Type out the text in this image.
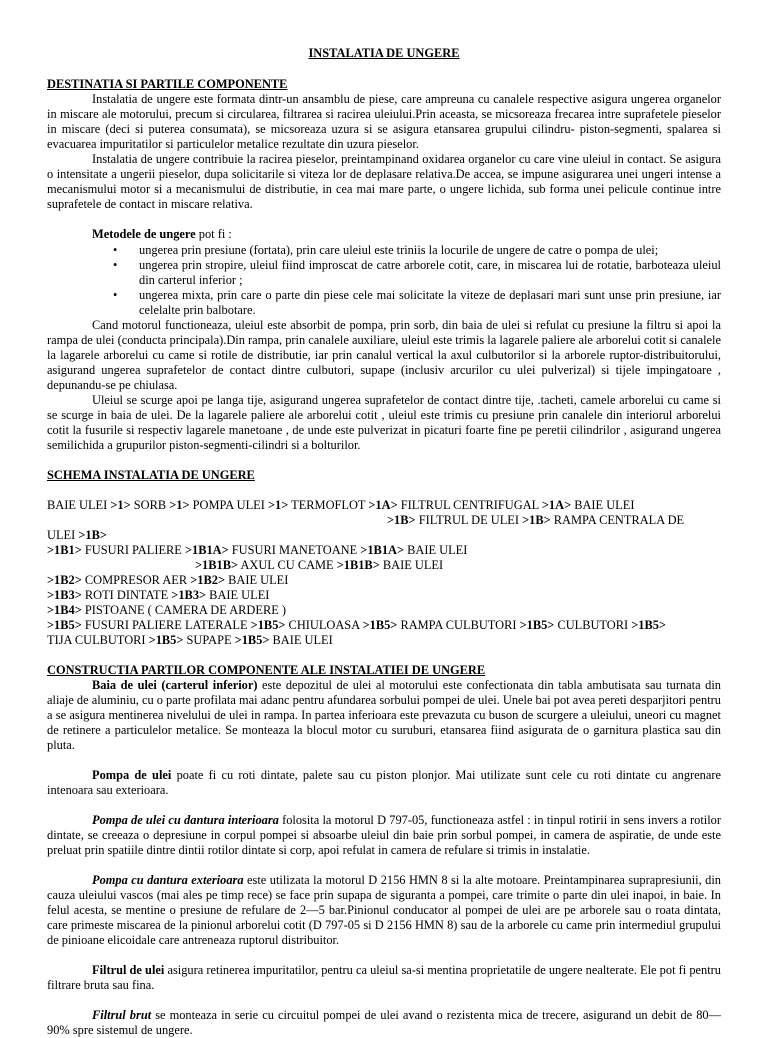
INSTALATIA DE UNGERE

DESTINATIA SI PARTILE COMPONENTE

Instalatia de ungere este formata dintr-un ansamblu de piese, care ampreuna cu canalele respective asigura ungerea organelor in miscare ale motorului, precum si circularea, filtrarea si racirea uleiului.Prin aceasta, se micsoreaza frecarea intre suprafetele pieselor in miscare (deci si puterea consumata), se micsoreaza uzura si se asigura etansarea grupului cilindru- piston-segmenti, spalarea si evacuarea impuritatilor si particulelor metalice rezultate din uzura pieselor.

Instalatia de ungere contribuie la racirea pieselor, preintampinand oxidarea organelor cu care vine uleiul in contact. Se asigura o intensitate a ungerii pieselor, dupa solicitarile si viteza lor de deplasare relativa.De accea, se impune asigurarea unei ungeri intense a mecanismului motor si a mecanismului de distributie, in cea mai mare parte, o ungere lichida, sub forma unei pelicule continue intre suprafetele de contact in miscare relativa.

Metodele de ungere pot fi :

• ungerea prin presiune (fortata), prin care uleiul este triniis la locurile de ungere de catre o pompa de ulei;
• ungerea prin stropire, uleiul fiind improscat de catre arborele cotit, care, in miscarea lui de rotatie, barboteaza uleiul din carterul inferior ;
• ungerea mixta, prin care o parte din piese cele mai solicitate la viteze de deplasari mari sunt unse prin presiune, iar celelalte prin balbotare.

Cand motorul functioneaza, uleiul este absorbit de pompa, prin sorb, din baia de ulei si refulat cu presiune la filtru si apoi la rampa de ulei (conducta principala).Din rampa, prin canalele auxiliare, uleiul este trimis la lagarele paliere ale arborelui cotit si canalele la lagarele arborelui cu came si rotile de distributie, iar prin canalul vertical la axul culbutorilor si la arborele ruptor-distribuitorului, asigurand ungerea suprafetelor de contact dintre culbutori, supape (inclusiv arcurilor cu ulei pulverizal) si tijele impingatoare , depunandu-se pe chiulasa.

Uleiul se scurge apoi pe langa tije, asigurand ungerea suprafetelor de contact dintre tije, .tacheti, camele arborelui cu came si se scurge in baia de ulei. De la lagarele paliere ale arborelui cotit , uleiul este trimis cu presiune prin canalele din interiorul arborelui cotit la fusurile si respectiv lagarele manetoane , de unde este pulverizat in picaturi foarte fine pe peretii cilindrilor , asigurand ungerea semilichida a grupurilor piston-segmenti-cilindri si a bolturilor.

SCHEMA INSTALATIA DE UNGERE

BAIE ULEI >1> SORB >1> POMPA ULEI >1> TERMOFLOT >1A> FILTRUL CENTRIFUGAL >1A> BAIE ULEI

>1B> FILTRUL DE ULEI >1B> RAMPA CENTRALA DE

ULEI >1B>

>1B1> FUSURI PALIERE >1B1A> FUSURI MANETOANE >1B1A> BAIE ULEI

>1B1B> AXUL CU CAME >1B1B> BAIE ULEI

>1B2> COMPRESOR AER >1B2> BAIE ULEI

>1B3> ROTI DINTATE >1B3> BAIE ULEI

>1B4> PISTOANE ( CAMERA DE ARDERE )

>1B5> FUSURI PALIERE LATERALE >1B5> CHIULOASA >1B5> RAMPA CULBUTORI >1B5> CULBUTORI >1B5>

TIJA CULBUTORI >1B5> SUPAPE >1B5> BAIE ULEI

CONSTRUCTIA PARTILOR COMPONENTE ALE INSTALATIEI DE UNGERE

Baia de ulei (carterul inferior) este depozitul de ulei al motorului este confectionata din tabla ambutisata sau turnata din aliaje de aluminiu, cu o parte profilata mai adanc pentru afundarea sorbului pompei de ulei. Unele bai pot avea pereti desparjitori pentru a se asigura mentinerea nivelului de ulei in rampa. In partea inferioara este prevazuta cu buson de scurgere a uleiului, uneori cu magnet de retinere a particulelor metalice. Se monteaza la blocul motor cu suruburi, etansarea fiind asigurata de o garnitura plastica sau din pluta.

Pompa de ulei poate fi cu roti dintate, palete sau cu piston plonjor. Mai utilizate sunt cele cu roti dintate cu angrenare intenoara sau exterioara.

Pompa de ulei cu dantura interioara folosita la motorul D 797-05, functioneaza astfel : in tinpul rotirii in sens invers a rotilor dintate, se creeaza o depresiune in corpul pompei si absoarbe uleiul din baie prin sorbul pompei, in camera de aspiratie, de unde este preluat prin spatiile dintre dintii rotilor dintate si corp, apoi refulat in camera de refulare si trimis in instalatie.

Pompa cu dantura exterioara este utilizata la motorul D 2156 HMN 8 si la alte motoare. Preintampinarea suprapresiunii, din cauza uleiului vascos (mai ales pe timp rece) se face prin supapa de siguranta a pompei, care trimite o parte din ulei inapoi, in baie. In felul acesta, se mentine o presiune de refulare de 2—5 bar.Pinionul conducator al pompei de ulei are pe arborele sau o roata dintata, care primeste miscarea de la pinionul arborelui cotit (D 797-05 si D 2156 HMN 8) sau de la arborele cu came prin intermediul grupului de pinioane elicoidale care antreneaza ruptorul distribuitor.

Filtrul de ulei asigura retinerea impuritatilor, pentru ca uleiul sa-si mentina proprietatile de ungere nealterate. Ele pot fi pentru filtrare bruta sau fina.

Filtrul brut se monteaza in serie cu circuitul pompei de ulei avand o rezistenta mica de trecere, asigurand un debit de 80—90% spre sistemul de ungere.
